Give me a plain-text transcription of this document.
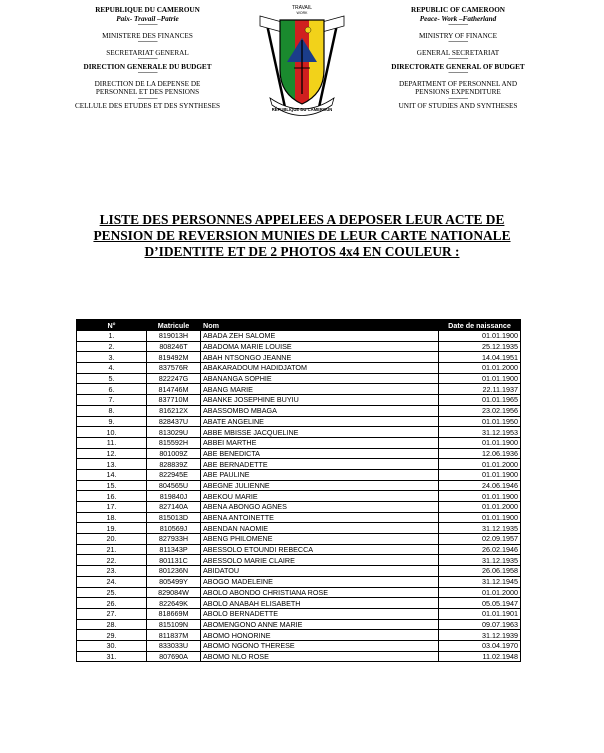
REPUBLIQUE DU CAMEROUN

Paix- Travail –Patrie

-------------

MINISTERE DES FINANCES

-------------

SECRETARIAT GENERAL

-------------

DIRECTION GENERALE DU BUDGET

-------------

DIRECTION DE LA DEPENSE DE

PERSONNEL ET DES PENSIONS

-------------

CELLULE DES ETUDES ET DES SYNTHESES

REPUBLIC OF CAMEROON

Peace- Work –Fatherland

-------------

MINISTRY OF FINANCE

-------------

GENERAL SECRETARIAT

-------------

DIRECTORATE GENERAL OF BUDGET

-------------

DEPARTMENT OF PERSONNEL AND

PENSIONS EXPENDITURE

-------------

UNIT OF STUDIES AND SYNTHESES

TRAVAIL
WORK
RÉPUBLIQUE DU CAMEROUN

LISTE DES PERSONNES APPELEES A DEPOSER LEUR ACTE DE

PENSION DE REVERSION MUNIES DE LEUR CARTE NATIONALE

D’IDENTITE ET DE 2 PHOTOS 4x4 EN COULEUR :

N°	Matricule	Nom	Date de naissance
1.	819013H	ABADA ZEH SALOME	01.01.1900
2.	808246T	ABADOMA MARIE LOUISE	25.12.1935
3.	819492M	ABAH NTSONGO JEANNE	14.04.1951
4.	837576R	ABAKARADOUM HADIDJATOM	01.01.2000
5.	822247G	ABANANGA SOPHIE	01.01.1900
6.	814746M	ABANG MARIE	22.11.1937
7.	837710M	ABANKE JOSEPHINE BUYIU	01.01.1965
8.	816212X	ABASSOMBO MBAGA	23.02.1956
9.	828437U	ABATE ANGELINE	01.01.1950
10.	813029U	ABBE MBISSE JACQUELINE	31.12.1953
11.	815592H	ABBEI MARTHE	01.01.1900
12.	801009Z	ABE BENEDICTA	12.06.1936
13.	828839Z	ABE BERNADETTE	01.01.2000
14.	822945E	ABE PAULINE	01.01.1900
15.	804565U	ABEGNE JULIENNE	24.06.1946
16.	819840J	ABEKOU MARIE	01.01.1900
17.	827140A	ABENA ABONGO AGNES	01.01.2000
18.	815013D	ABENA ANTOINETTE	01.01.1900
19.	810569J	ABENDAN NAOMIE	31.12.1935
20.	827933H	ABENG PHILOMENE	02.09.1957
21.	811343P	ABESSOLO ETOUNDI REBECCA	26.02.1946
22.	801131C	ABESSOLO MARIE CLAIRE	31.12.1935
23.	801236N	ABIDATOU	26.06.1958
24.	805499Y	ABOGO MADELEINE	31.12.1945
25.	829084W	ABOLO ABONDO CHRISTIANA ROSE	01.01.2000
26.	822649K	ABOLO ANABAH ELISABETH	05.05.1947
27.	818669M	ABOLO BERNADETTE	01.01.1901
28.	815109N	ABOMENGONO ANNE MARIE	09.07.1963
29.	811837M	ABOMO HONORINE	31.12.1939
30.	833033U	ABOMO NGONO THERESE	03.04.1970
31.	807690A	ABOMO NLO ROSE	11.02.1948
